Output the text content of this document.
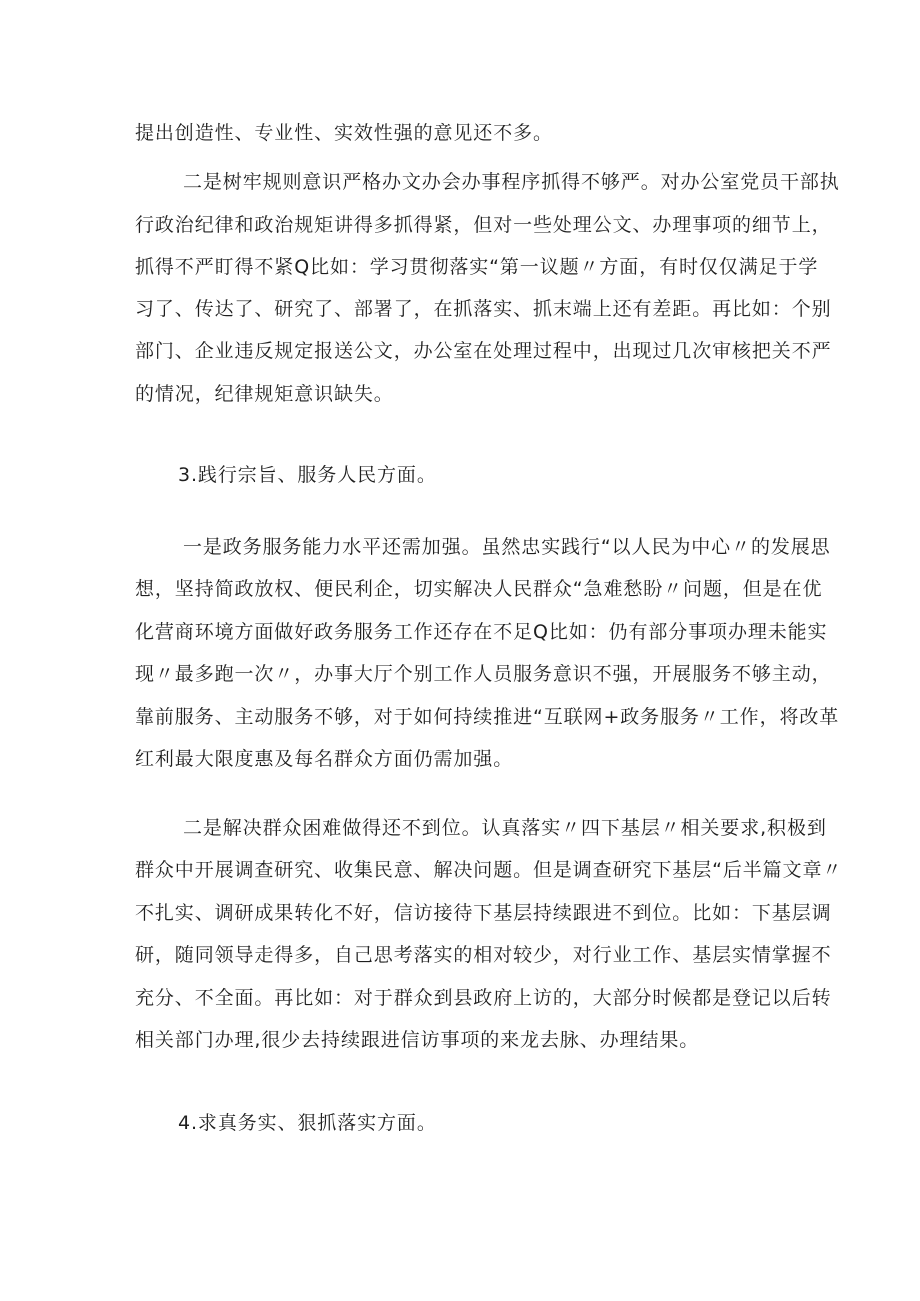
提出创造性、专业性、实效性强的意见还不多。
二是树牢规则意识严格办文办会办事程序抓得不够严。对办公室党员干部执
行政治纪律和政治规矩讲得多抓得紧，但对一些处理公文、办理事项的细节上，
抓得不严盯得不紧Q比如：学习贯彻落实“第一议题〃方面，有时仅仅满足于学
习了、传达了、研究了、部署了，在抓落实、抓末端上还有差距。再比如：个别
部门、企业违反规定报送公文，办公室在处理过程中，出现过几次审核把关不严
的情况，纪律规矩意识缺失。
3.践行宗旨、服务人民方面。
一是政务服务能力水平还需加强。虽然忠实践行“以人民为中心〃的发展思
想，坚持简政放权、便民利企，切实解决人民群众“急难愁盼〃问题，但是在优
化营商环境方面做好政务服务工作还存在不足Q比如：仍有部分事项办理未能实
现〃最多跑一次〃，办事大厅个别工作人员服务意识不强，开展服务不够主动，
靠前服务、主动服务不够，对于如何持续推进“互联网+政务服务〃工作，将改革
红利最大限度惠及每名群众方面仍需加强。
二是解决群众困难做得还不到位。认真落实〃四下基层〃相关要求,积极到
群众中开展调查研究、收集民意、解决问题。但是调查研究下基层“后半篇文章〃
不扎实、调研成果转化不好，信访接待下基层持续跟进不到位。比如：下基层调
研，随同领导走得多，自己思考落实的相对较少，对行业工作、基层实情掌握不
充分、不全面。再比如：对于群众到县政府上访的，大部分时候都是登记以后转
相关部门办理,很少去持续跟进信访事项的来龙去脉、办理结果。
4.求真务实、狠抓落实方面。
